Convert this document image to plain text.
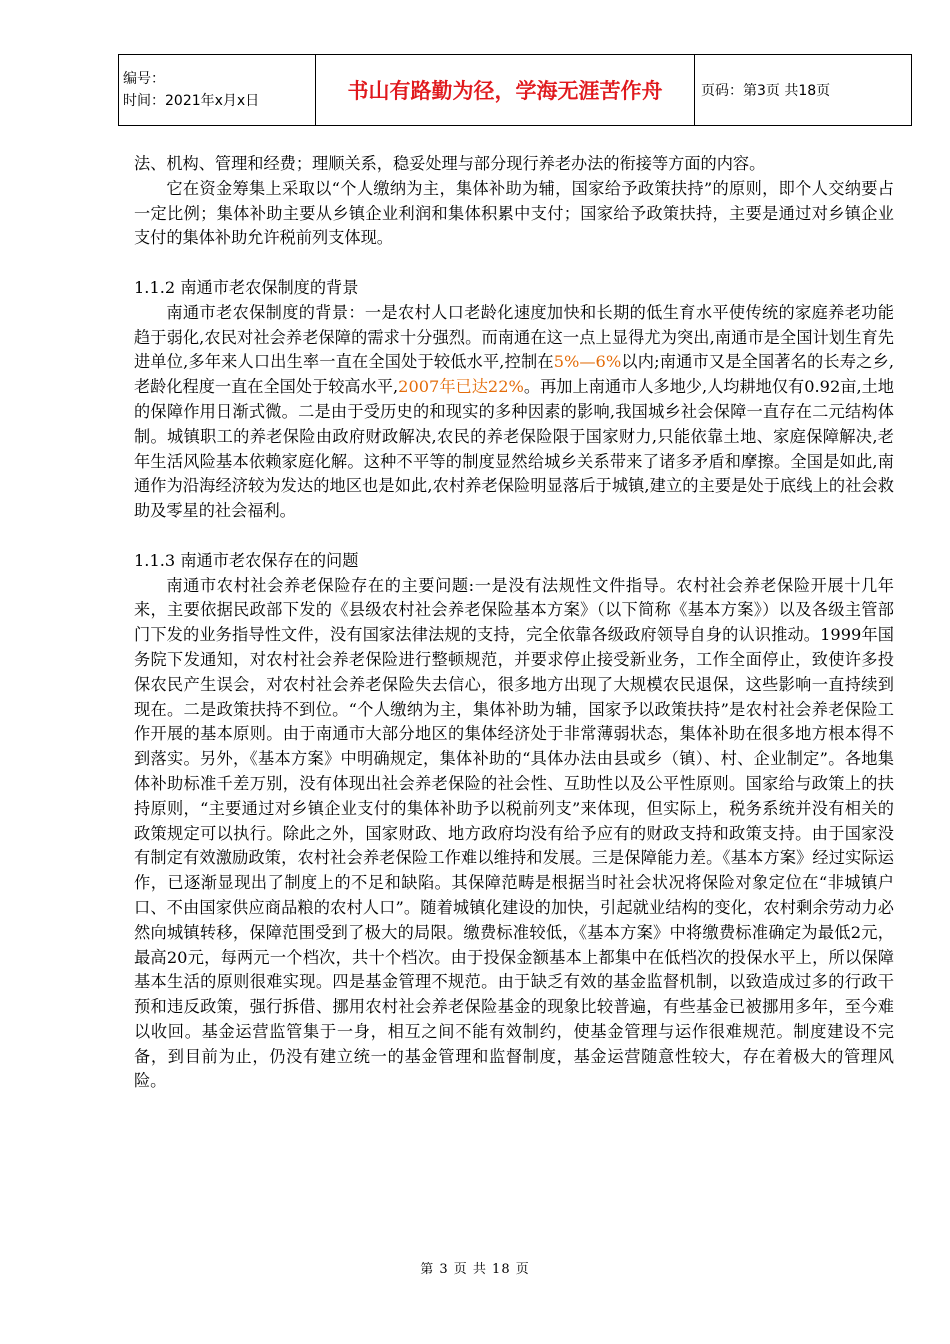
编号：
时间：2021年x月x日	书山有路勤为径，学海无涯苦作舟	页码：第3页 共18页

法、机构、管理和经费；理顺关系，稳妥处理与部分现行养老办法的衔接等方面的内容。

它在资金筹集上采取以“个人缴纳为主，集体补助为辅，国家给予政策扶持”的原则，即个人交纳要占一定比例；集体补助主要从乡镇企业利润和集体积累中支付；国家给予政策扶持，主要是通过对乡镇企业支付的集体补助允许税前列支体现。

1.1.2 南通市老农保制度的背景

南通市老农保制度的背景：一是农村人口老龄化速度加快和长期的低生育水平使传统的家庭养老功能趋于弱化,农民对社会养老保障的需求十分强烈。而南通在这一点上显得尤为突出,南通市是全国计划生育先进单位,多年来人口出生率一直在全国处于较低水平,控制在5%—6%以内;南通市又是全国著名的长寿之乡,老龄化程度一直在全国处于较高水平,2007年已达22%。再加上南通市人多地少,人均耕地仅有0.92亩,土地的保障作用日渐式微。二是由于受历史的和现实的多种因素的影响,我国城乡社会保障一直存在二元结构体制。城镇职工的养老保险由政府财政解决,农民的养老保险限于国家财力,只能依靠土地、家庭保障解决,老年生活风险基本依赖家庭化解。这种不平等的制度显然给城乡关系带来了诸多矛盾和摩擦。全国是如此,南通作为沿海经济较为发达的地区也是如此,农村养老保险明显落后于城镇,建立的主要是处于底线上的社会救助及零星的社会福利。

1.1.3 南通市老农保存在的问题

南通市农村社会养老保险存在的主要问题:一是没有法规性文件指导。农村社会养老保险开展十几年来，主要依据民政部下发的《县级农村社会养老保险基本方案》（以下简称《基本方案》）以及各级主管部门下发的业务指导性文件，没有国家法律法规的支持，完全依靠各级政府领导自身的认识推动。1999年国务院下发通知，对农村社会养老保险进行整顿规范，并要求停止接受新业务，工作全面停止，致使许多投保农民产生误会，对农村社会养老保险失去信心，很多地方出现了大规模农民退保，这些影响一直持续到现在。二是政策扶持不到位。“个人缴纳为主，集体补助为辅，国家予以政策扶持”是农村社会养老保险工作开展的基本原则。由于南通市大部分地区的集体经济处于非常薄弱状态，集体补助在很多地方根本得不到落实。另外，《基本方案》中明确规定，集体补助的“具体办法由县或乡（镇）、村、企业制定”。各地集体补助标准千差万别，没有体现出社会养老保险的社会性、互助性以及公平性原则。国家给与政策上的扶持原则，“主要通过对乡镇企业支付的集体补助予以税前列支”来体现，但实际上，税务系统并没有相关的政策规定可以执行。除此之外，国家财政、地方政府均没有给予应有的财政支持和政策支持。由于国家没有制定有效激励政策，农村社会养老保险工作难以维持和发展。三是保障能力差。《基本方案》经过实际运作，已逐渐显现出了制度上的不足和缺陷。其保障范畴是根据当时社会状况将保险对象定位在“非城镇户口、不由国家供应商品粮的农村人口”。随着城镇化建设的加快，引起就业结构的变化，农村剩余劳动力必然向城镇转移，保障范围受到了极大的局限。缴费标准较低，《基本方案》中将缴费标准确定为最低2元，最高20元，每两元一个档次，共十个档次。由于投保金额基本上都集中在低档次的投保水平上，所以保障基本生活的原则很难实现。四是基金管理不规范。由于缺乏有效的基金监督机制，以致造成过多的行政干预和违反政策，强行拆借、挪用农村社会养老保险基金的现象比较普遍，有些基金已被挪用多年，至今难以收回。基金运营监管集于一身，相互之间不能有效制约，使基金管理与运作很难规范。制度建设不完备，到目前为止，仍没有建立统一的基金管理和监督制度，基金运营随意性较大，存在着极大的管理风险。

第 3 页 共 18 页
